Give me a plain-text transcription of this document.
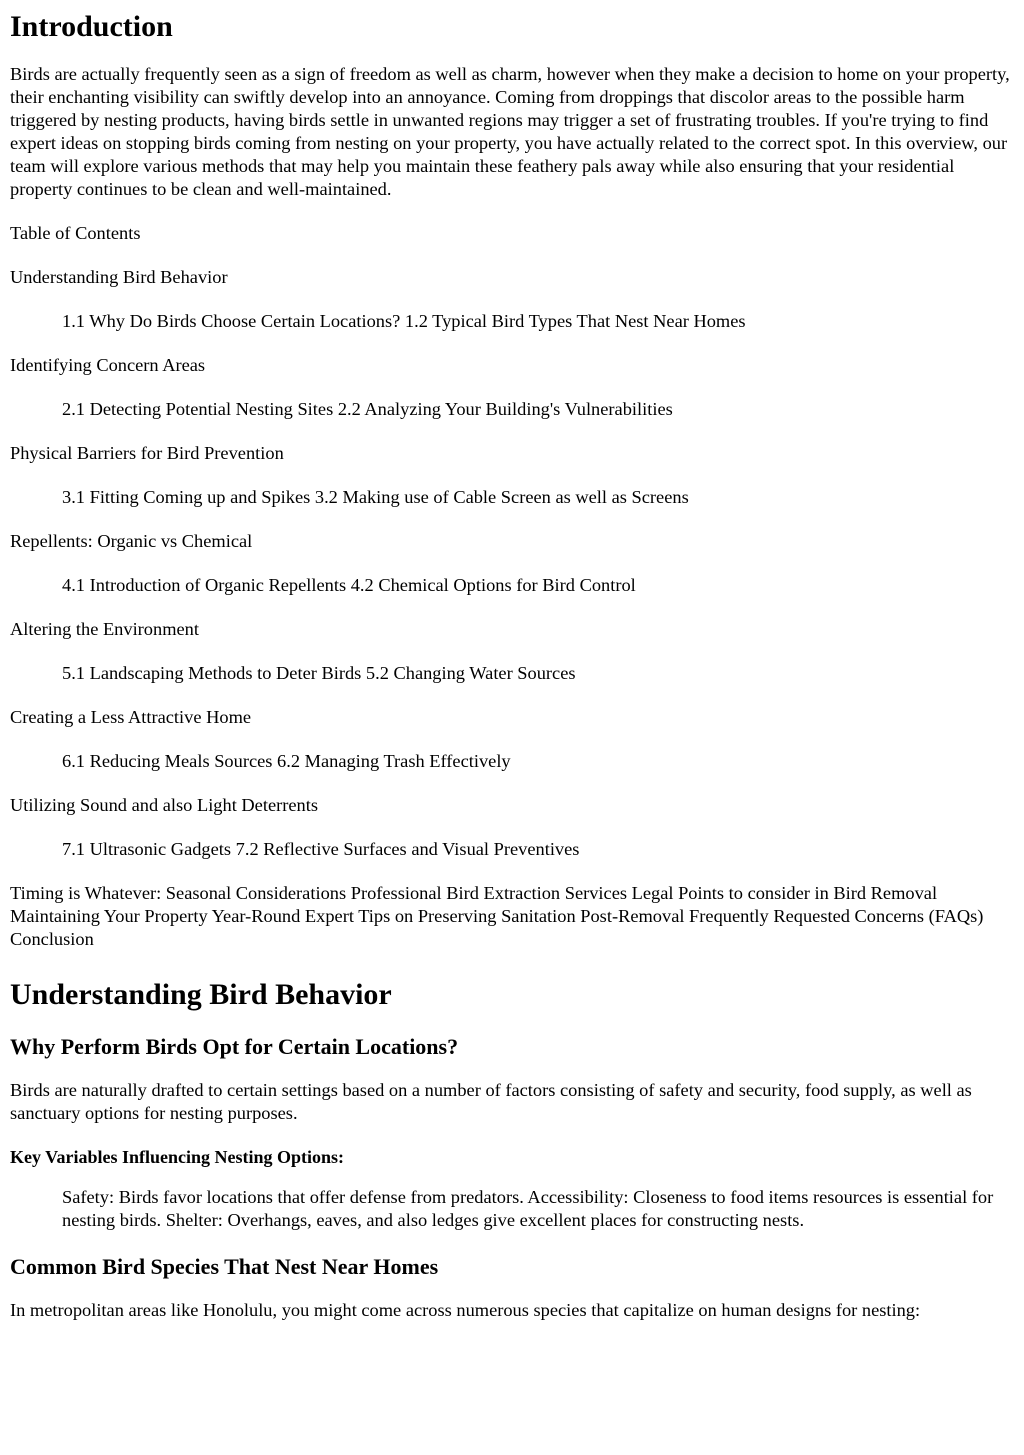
Introduction

Birds are actually frequently seen as a sign of freedom as well as charm, however when they make a decision to home on your property, their enchanting visibility can swiftly develop into an annoyance. Coming from droppings that discolor areas to the possible harm triggered by nesting products, having birds settle in unwanted regions may trigger a set of frustrating troubles. If you're trying to find expert ideas on stopping birds coming from nesting on your property, you have actually related to the correct spot. In this overview, our team will explore various methods that may help you maintain these feathery pals away while also ensuring that your residential property continues to be clean and well-maintained.

Table of Contents

Understanding Bird Behavior

1.1 Why Do Birds Choose Certain Locations? 1.2 Typical Bird Types That Nest Near Homes

Identifying Concern Areas

2.1 Detecting Potential Nesting Sites 2.2 Analyzing Your Building's Vulnerabilities

Physical Barriers for Bird Prevention

3.1 Fitting Coming up and Spikes 3.2 Making use of Cable Screen as well as Screens

Repellents: Organic vs Chemical

4.1 Introduction of Organic Repellents 4.2 Chemical Options for Bird Control

Altering the Environment

5.1 Landscaping Methods to Deter Birds 5.2 Changing Water Sources

Creating a Less Attractive Home

6.1 Reducing Meals Sources 6.2 Managing Trash Effectively

Utilizing Sound and also Light Deterrents

7.1 Ultrasonic Gadgets 7.2 Reflective Surfaces and Visual Preventives

Timing is Whatever: Seasonal Considerations Professional Bird Extraction Services Legal Points to consider in Bird Removal Maintaining Your Property Year-Round Expert Tips on Preserving Sanitation Post-Removal Frequently Requested Concerns (FAQs) Conclusion

Understanding Bird Behavior
Why Perform Birds Opt for Certain Locations?

Birds are naturally drafted to certain settings based on a number of factors consisting of safety and security, food supply, as well as sanctuary options for nesting purposes.

Key Variables Influencing Nesting Options:

Safety: Birds favor locations that offer defense from predators. Accessibility: Closeness to food items resources is essential for nesting birds. Shelter: Overhangs, eaves, and also ledges give excellent places for constructing nests.

Common Bird Species That Nest Near Homes

In metropolitan areas like Honolulu, you might come across numerous species that capitalize on human designs for nesting:
